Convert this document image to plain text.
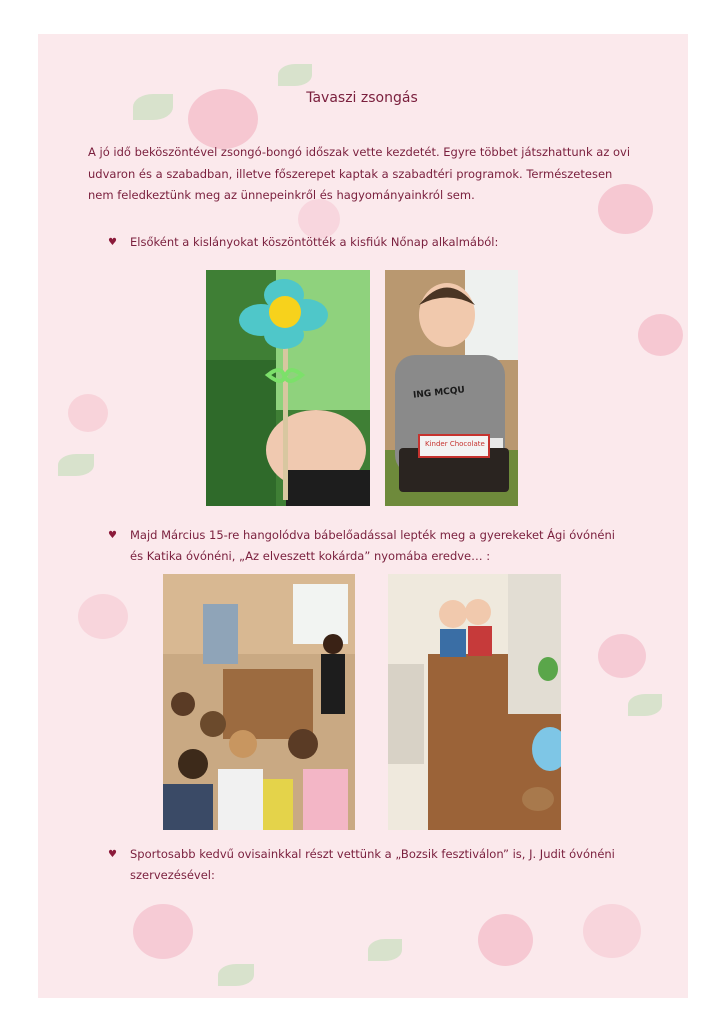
Tavaszi zsongás
A jó idő beköszöntével zsongó-bongó időszak vette kezdetét. Egyre többet játszhattunk az ovi udvaron és a szabadban, illetve főszerepet kaptak a szabadtéri programok. Természetesen nem feledkeztünk meg az ünnepeinkről és hagyományainkról sem.
♥ Elsőként a kislányokat köszöntötték a kisfiúk Nőnap alkalmából:
ING MCQU
Kinder Chocolate
♥ Majd Március 15-re hangolódva bábelőadással lepték meg a gyerekeket Ági óvónéni és Katika óvónéni, „Az elveszett kokárda” nyomába eredve… :
♥ Sportosabb kedvű ovisainkkal részt vettünk a „Bozsik fesztiválon” is, J. Judit óvónéni szervezésével:
